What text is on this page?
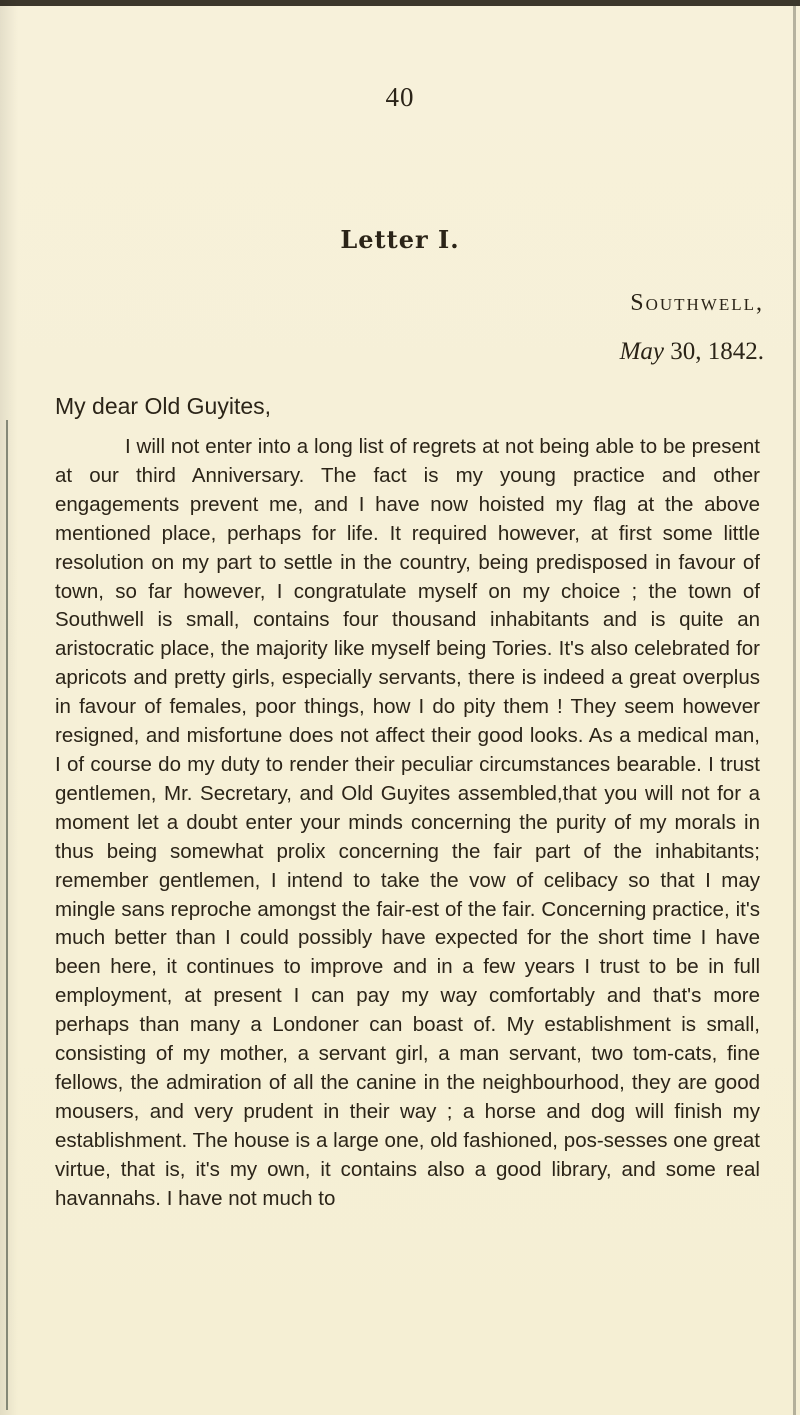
40
Letter I.
Southwell,
May 30, 1842.
My dear Old Guyites,

I will not enter into a long list of regrets at not being able to be present at our third Anniversary. The fact is my young practice and other engagements prevent me, and I have now hoisted my flag at the above mentioned place, perhaps for life. It required however, at first some little resolution on my part to settle in the country, being predisposed in favour of town, so far however, I congratulate myself on my choice ; the town of Southwell is small, contains four thousand inhabitants and is quite an aristocratic place, the majority like myself being Tories. It's also celebrated for apricots and pretty girls, especially servants, there is indeed a great overplus in favour of females, poor things, how I do pity them ! They seem however resigned, and misfortune does not affect their good looks. As a medical man, I of course do my duty to render their peculiar circumstances bearable. I trust gentlemen, Mr. Secretary, and Old Guyites assembled,that you will not for a moment let a doubt enter your minds concerning the purity of my morals in thus being somewhat prolix concerning the fair part of the inhabitants; remember gentlemen, I intend to take the vow of celibacy so that I may mingle sans reproche amongst the fair-est of the fair. Concerning practice, it's much better than I could possibly have expected for the short time I have been here, it continues to improve and in a few years I trust to be in full employment, at present I can pay my way comfortably and that's more perhaps than many a Londoner can boast of. My establishment is small, consisting of my mother, a servant girl, a man servant, two tom-cats, fine fellows, the admiration of all the canine in the neighbourhood, they are good mousers, and very prudent in their way ; a horse and dog will finish my establishment. The house is a large one, old fashioned, pos-sesses one great virtue, that is, it's my own, it contains also a good library, and some real havannahs. I have not much to
